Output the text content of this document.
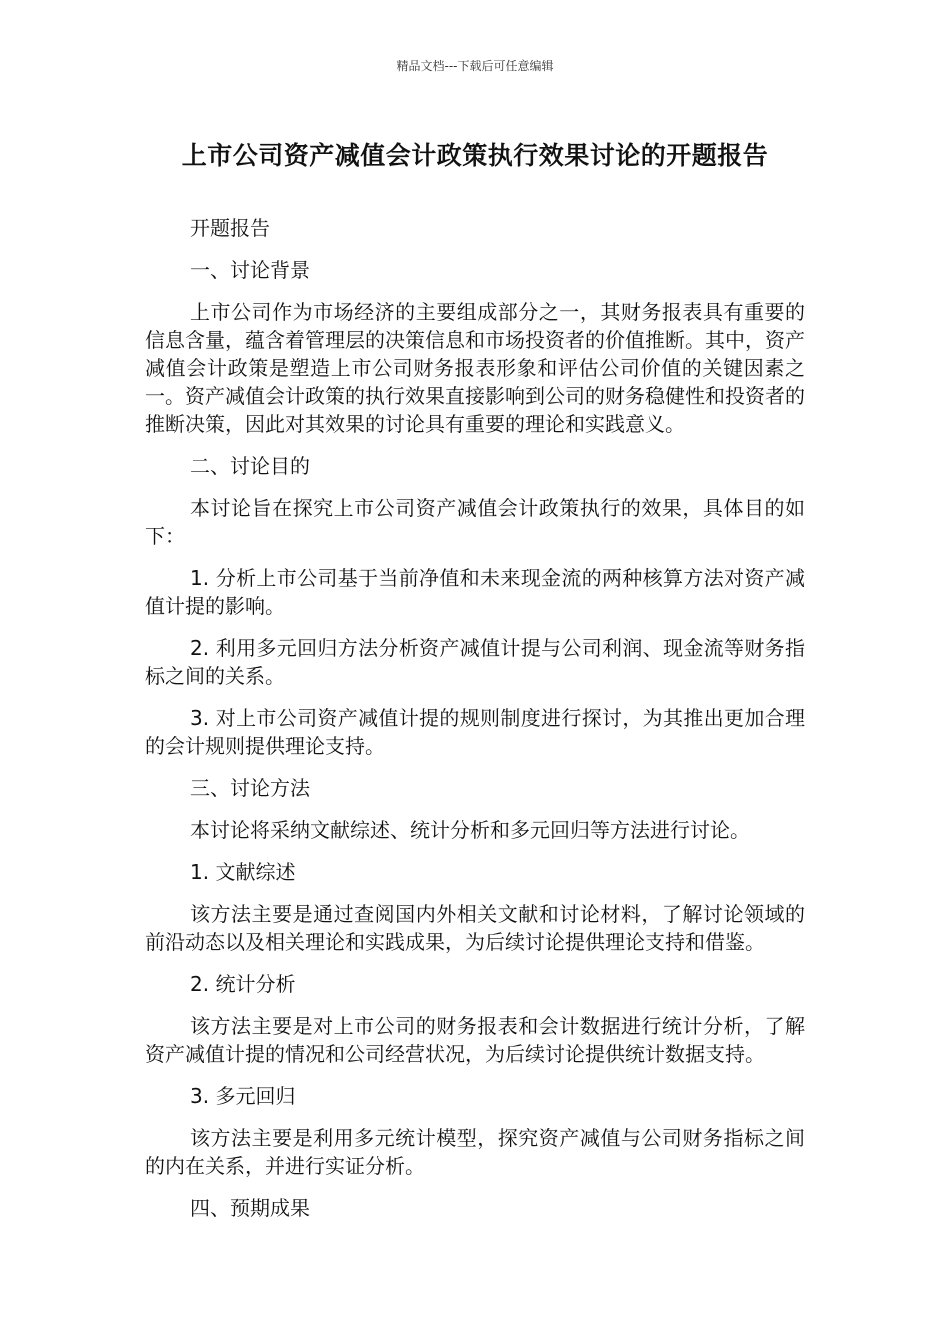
精品文档---下载后可任意编辑
上市公司资产减值会计政策执行效果讨论的开题报告

开题报告

一、讨论背景

上市公司作为市场经济的主要组成部分之一，其财务报表具有重要的信息含量，蕴含着管理层的决策信息和市场投资者的价值推断。其中，资产减值会计政策是塑造上市公司财务报表形象和评估公司价值的关键因素之一。资产减值会计政策的执行效果直接影响到公司的财务稳健性和投资者的推断决策，因此对其效果的讨论具有重要的理论和实践意义。

二、讨论目的

本讨论旨在探究上市公司资产减值会计政策执行的效果，具体目的如下：

1. 分析上市公司基于当前净值和未来现金流的两种核算方法对资产减值计提的影响。

2. 利用多元回归方法分析资产减值计提与公司利润、现金流等财务指标之间的关系。

3. 对上市公司资产减值计提的规则制度进行探讨，为其推出更加合理的会计规则提供理论支持。

三、讨论方法

本讨论将采纳文献综述、统计分析和多元回归等方法进行讨论。

1. 文献综述

该方法主要是通过查阅国内外相关文献和讨论材料，了解讨论领域的前沿动态以及相关理论和实践成果，为后续讨论提供理论支持和借鉴。

2. 统计分析

该方法主要是对上市公司的财务报表和会计数据进行统计分析，了解资产减值计提的情况和公司经营状况，为后续讨论提供统计数据支持。

3. 多元回归

该方法主要是利用多元统计模型，探究资产减值与公司财务指标之间的内在关系，并进行实证分析。

四、预期成果
